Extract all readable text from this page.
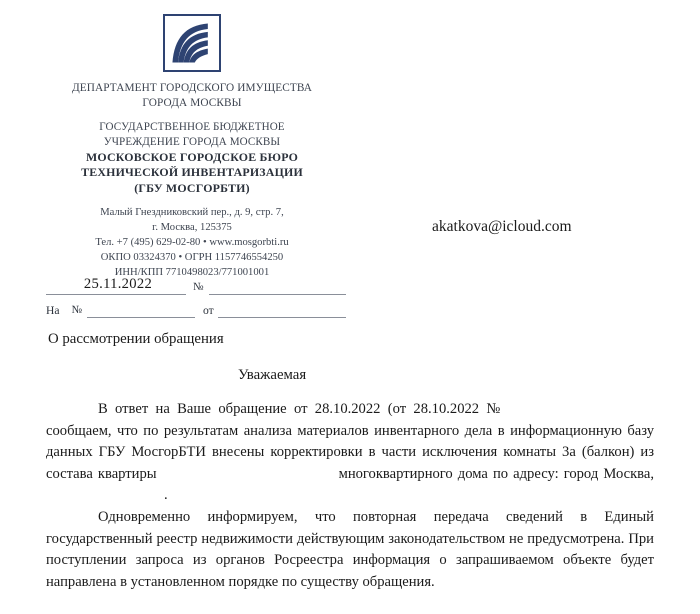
ДЕПАРТАМЕНТ ГОРОДСКОГО ИМУЩЕСТВА
ГОРОДА МОСКВЫ
ГОСУДАРСТВЕННОЕ БЮДЖЕТНОЕ
УЧРЕЖДЕНИЕ ГОРОДА МОСКВЫ
МОСКОВСКОЕ ГОРОДСКОЕ БЮРО
ТЕХНИЧЕСКОЙ ИНВЕНТАРИЗАЦИИ
(ГБУ МОСГОРБТИ)
Малый Гнездниковский пер., д. 9, стр. 7,
г. Москва, 125375
Тел. +7 (495) 629-02-80 • www.mosgorbti.ru
ОКПО 03324370 • ОГРН 1157746554250
ИНН/КПП 7710498023/771001001
akatkova@icloud.com
25.11.2022	№
На	№	от
О рассмотрении обращения
Уважаемая

В ответ на Ваше обращение от 28.10.2022 (от 28.10.2022 №сообщаем, что по результатам анализа материалов инвентарного дела в информационную базу данных ГБУ МосгорБТИ внесены корректировки в части исключения комнаты 3а (балкон) из состава квартиры	многоквартирного дома по адресу: город Москва,.

Одновременно информируем, что повторная передача сведений в Единый государственный реестр недвижимости действующим законодательством не предусмотрена. При поступлении запроса из органов Росреестра информация о запрашиваемом объекте будет направлена в установленном порядке по существу обращения.
